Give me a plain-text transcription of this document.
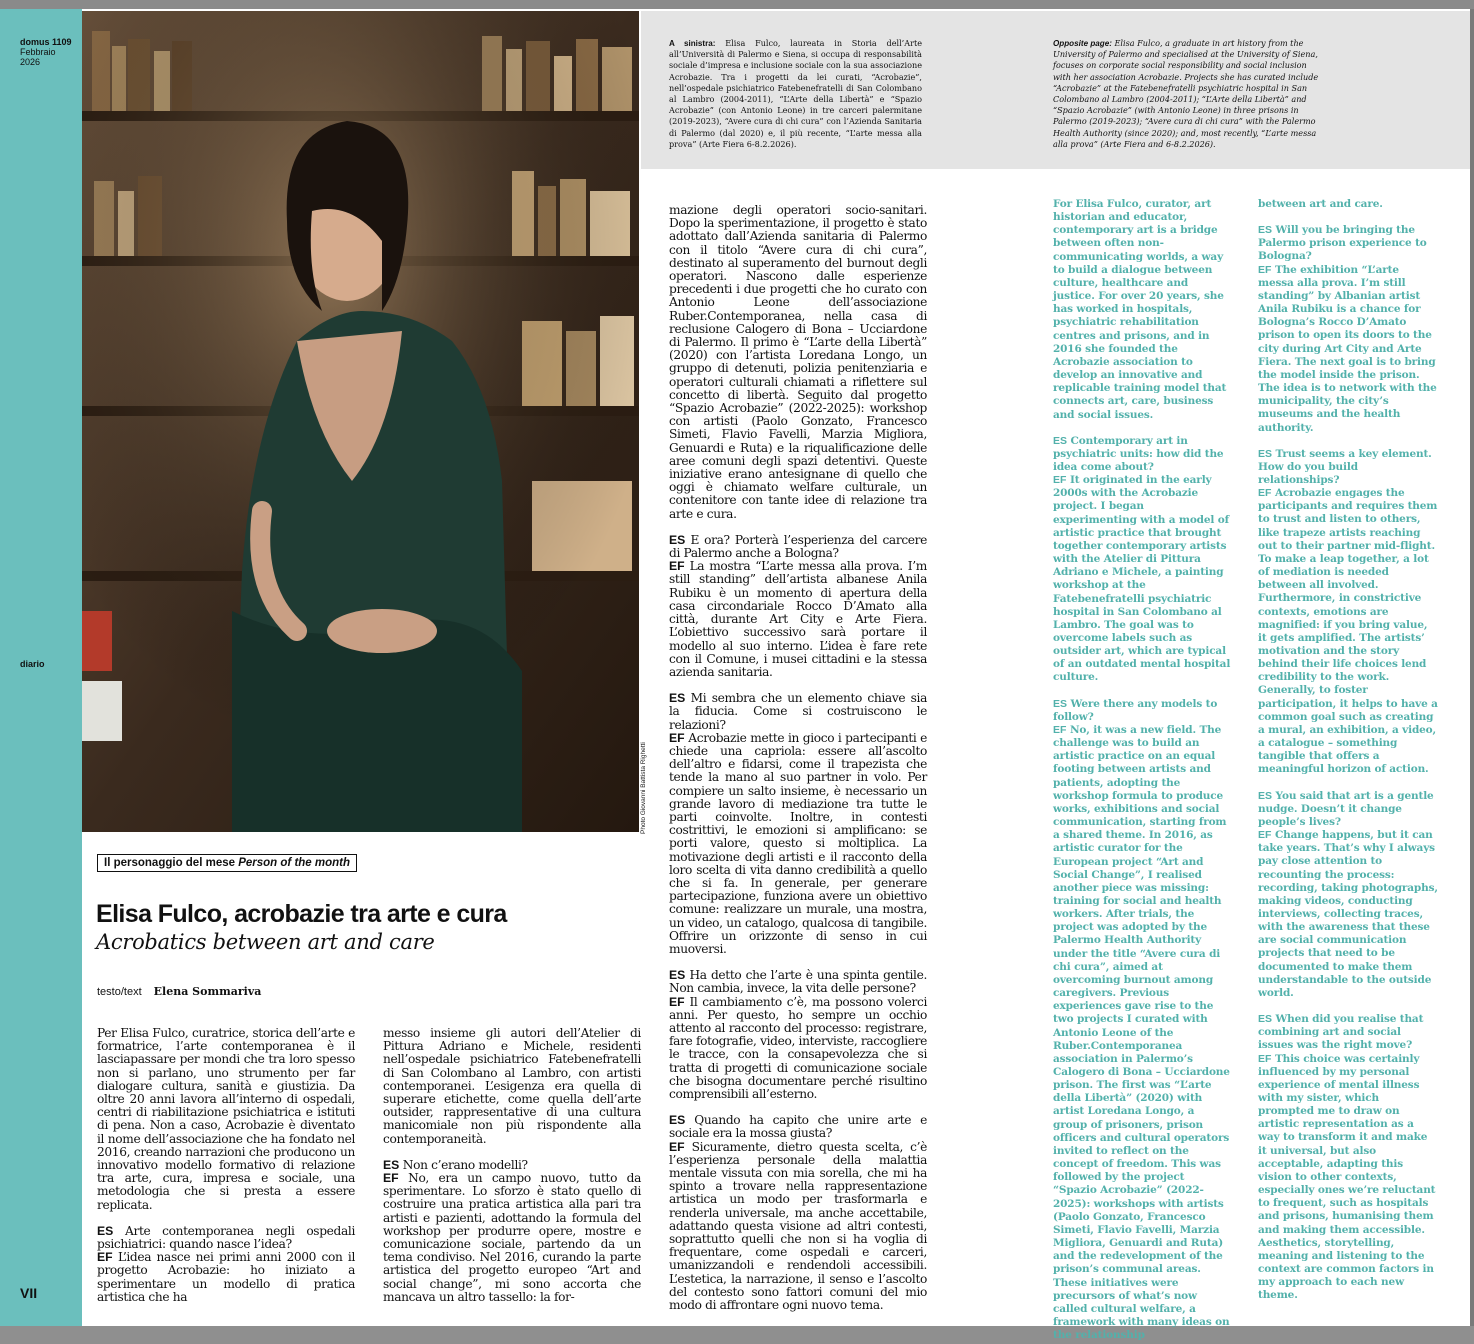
domus 1109
Febbraio
2026
diario
VII
Photo Giovanni Battista Righetti
A sinistra: Elisa Fulco, laureata in Storia dell’Arte all’Università di Palermo e Siena, si occupa di responsabilità sociale d’impresa e inclusione sociale con la sua associazione Acrobazie. Tra i progetti da lei curati, “Acrobazie”, nell’ospedale psichiatrico Fatebenefratelli di San Colombano al Lambro (2004-2011), “L’Arte della Libertà” e “Spazio Acrobazie” (con Antonio Leone) in tre carceri palermitane (2019-2023), “Avere cura di chi cura” con l’Azienda Sanitaria di Palermo (dal 2020) e, il più recente, “L’arte messa alla prova” (Arte Fiera 6-8.2.2026).
Opposite page: Elisa Fulco, a graduate in art history from the University of Palermo and specialised at the University of Siena, focuses on corporate social responsibility and social inclusion with her association Acrobazie. Projects she has curated include “Acrobazie” at the Fatebenefratelli psychiatric hospital in San Colombano al Lambro (2004-2011); “L’Arte della Libertà” and “Spazio Acrobazie” (with Antonio Leone) in three prisons in Palermo (2019-2023); “Avere cura di chi cura” with the Palermo Health Authority (since 2020); and, most recently, “L’arte messa alla prova” (Arte Fiera and 6-8.2.2026).
Il personaggio del mese Person of the month
Elisa Fulco, acrobazie tra arte e cura
Acrobatics between art and care
testo/text Elena Sommariva

Per Elisa Fulco, curatrice, storica dell’arte e formatrice, l’arte contemporanea è il lasciapassare per mondi che tra loro spesso non si parlano, uno strumento per far dialogare cultura, sanità e giustizia. Da oltre 20 anni lavora all’interno di ospedali, centri di riabilitazione psichiatrica e istituti di pena. Non a caso, Acrobazie è diventato il nome dell’associazione che ha fondato nel 2016, creando narrazioni che producono un innovativo modello formativo di relazione tra arte, cura, impresa e sociale, una metodologia che si presta a essere replicata.

ES Arte contemporanea negli ospedali psichiatrici: quando nasce l’idea?

EF L’idea nasce nei primi anni 2000 con il progetto Acrobazie: ho iniziato a sperimentare un modello di pratica artistica che ha

messo insieme gli autori dell’Atelier di Pittura Adriano e Michele, residenti nell’ospedale psichiatrico Fatebenefratelli di San Colombano al Lambro, con artisti contemporanei. L’esigenza era quella di superare etichette, come quella dell’arte outsider, rappresentative di una cultura manicomiale non più rispondente alla contemporaneità.

ES Non c’erano modelli?

EF No, era un campo nuovo, tutto da sperimentare. Lo sforzo è stato quello di costruire una pratica artistica alla pari tra artisti e pazienti, adottando la formula del workshop per produrre opere, mostre e comunicazione sociale, partendo da un tema condiviso. Nel 2016, curando la parte artistica del progetto europeo “Art and social change”, mi sono accorta che mancava un altro tassello: la for-

mazione degli operatori socio-sanitari. Dopo la sperimentazione, il progetto è stato adottato dall’Azienda sanitaria di Palermo con il titolo “Avere cura di chi cura”, destinato al superamento del burnout degli operatori. Nascono dalle esperienze precedenti i due progetti che ho curato con Antonio Leone dell’associazione Ruber.Contemporanea, nella casa di reclusione Calogero di Bona – Ucciardone di Palermo. Il primo è “L’arte della Libertà” (2020) con l’artista Loredana Longo, un gruppo di detenuti, polizia penitenziaria e operatori culturali chiamati a riflettere sul concetto di libertà. Seguito dal progetto “Spazio Acrobazie” (2022-2025): workshop con artisti (Paolo Gonzato, Francesco Simeti, Flavio Favelli, Marzia Migliora, Genuardi e Ruta) e la riqualificazione delle aree comuni degli spazi detentivi. Queste iniziative erano antesignane di quello che oggi è chiamato welfare culturale, un contenitore con tante idee di relazione tra arte e cura.

ES E ora? Porterà l’esperienza del carcere di Palermo anche a Bologna?

EF La mostra “L’arte messa alla prova. I’m still standing” dell’artista albanese Anila Rubiku è un momento di apertura della casa circondariale Rocco D’Amato alla città, durante Art City e Arte Fiera. L’obiettivo successivo sarà portare il modello al suo interno. L’idea è fare rete con il Comune, i musei cittadini e la stessa azienda sanitaria.

ES Mi sembra che un elemento chiave sia la fiducia. Come si costruiscono le relazioni?

EF Acrobazie mette in gioco i partecipanti e chiede una capriola: essere all’ascolto dell’altro e fidarsi, come il trapezista che tende la mano al suo partner in volo. Per compiere un salto insieme, è necessario un grande lavoro di mediazione tra tutte le parti coinvolte. Inoltre, in contesti costrittivi, le emozioni si amplificano: se porti valore, questo si moltiplica. La motivazione degli artisti e il racconto della loro scelta di vita danno credibilità a quello che si fa. In generale, per generare partecipazione, funziona avere un obiettivo comune: realizzare un murale, una mostra, un video, un catalogo, qualcosa di tangibile. Offrire un orizzonte di senso in cui muoversi.

ES Ha detto che l’arte è una spinta gentile. Non cambia, invece, la vita delle persone?

EF Il cambiamento c’è, ma possono volerci anni. Per questo, ho sempre un occhio attento al racconto del processo: registrare, fare fotografie, video, interviste, raccogliere le tracce, con la consapevolezza che si tratta di progetti di comunicazione sociale che bisogna documentare perché risultino comprensibili all’esterno.

ES Quando ha capito che unire arte e sociale era la mossa giusta?

EF Sicuramente, dietro questa scelta, c’è l’esperienza personale della malattia mentale vissuta con mia sorella, che mi ha spinto a trovare nella rappresentazione artistica un modo per trasformarla e renderla universale, ma anche accettabile, adattando questa visione ad altri contesti, soprattutto quelli che non si ha voglia di frequentare, come ospedali e carceri, umanizzandoli e rendendoli accessibili. L’estetica, la narrazione, il senso e l’ascolto del contesto sono fattori comuni del mio modo di affrontare ogni nuovo tema.

For Elisa Fulco, curator, art historian and educator, contemporary art is a bridge between often non-communicating worlds, a way to build a dialogue between culture, healthcare and justice. For over 20 years, she has worked in hospitals, psychiatric rehabilitation centres and prisons, and in 2016 she founded the Acrobazie association to develop an innovative and replicable training model that connects art, care, business and social issues.

ES Contemporary art in psychiatric units: how did the idea come about?

EF It originated in the early 2000s with the Acrobazie project. I began experimenting with a model of artistic practice that brought together contemporary artists with the Atelier di Pittura Adriano e Michele, a painting workshop at the Fatebenefratelli psychiatric hospital in San Colombano al Lambro. The goal was to overcome labels such as outsider art, which are typical of an outdated mental hospital culture.

ES Were there any models to follow?

EF No, it was a new field. The challenge was to build an artistic practice on an equal footing between artists and patients, adopting the workshop formula to produce works, exhibitions and social communication, starting from a shared theme. In 2016, as artistic curator for the European project “Art and Social Change”, I realised another piece was missing: training for social and health workers. After trials, the project was adopted by the Palermo Health Authority under the title “Avere cura di chi cura”, aimed at overcoming burnout among caregivers. Previous experiences gave rise to the two projects I curated with Antonio Leone of the Ruber.Contemporanea association in Palermo’s Calogero di Bona – Ucciardone prison. The first was “L’arte della Libertà” (2020) with artist Loredana Longo, a group of prisoners, prison officers and cultural operators invited to reflect on the concept of freedom. This was followed by the project “Spazio Acrobazie” (2022-2025): workshops with artists (Paolo Gonzato, Francesco Simeti, Flavio Favelli, Marzia Migliora, Genuardi and Ruta) and the redevelopment of the prison’s communal areas. These initiatives were precursors of what’s now called cultural welfare, a framework with many ideas on the relationship

between art and care.

ES Will you be bringing the Palermo prison experience to Bologna?

EF The exhibition “L’arte messa alla prova. I’m still standing” by Albanian artist Anila Rubiku is a chance for Bologna’s Rocco D’Amato prison to open its doors to the city during Art City and Arte Fiera. The next goal is to bring the model inside the prison. The idea is to network with the municipality, the city’s museums and the health authority.

ES Trust seems a key element. How do you build relationships?

EF Acrobazie engages the participants and requires them to trust and listen to others, like trapeze artists reaching out to their partner mid-flight. To make a leap together, a lot of mediation is needed between all involved. Furthermore, in constrictive contexts, emotions are magnified: if you bring value, it gets amplified. The artists’ motivation and the story behind their life choices lend credibility to the work. Generally, to foster participation, it helps to have a common goal such as creating a mural, an exhibition, a video, a catalogue – something tangible that offers a meaningful horizon of action.

ES You said that art is a gentle nudge. Doesn’t it change people’s lives?

EF Change happens, but it can take years. That’s why I always pay close attention to recounting the process: recording, taking photographs, making videos, conducting interviews, collecting traces, with the awareness that these are social communication projects that need to be documented to make them understandable to the outside world.

ES When did you realise that combining art and social issues was the right move?

EF This choice was certainly influenced by my personal experience of mental illness with my sister, which prompted me to draw on artistic representation as a way to transform it and make it universal, but also acceptable, adapting this vision to other contexts, especially ones we’re reluctant to frequent, such as hospitals and prisons, humanising them and making them accessible. Aesthetics, storytelling, meaning and listening to the context are common factors in my approach to each new theme.
